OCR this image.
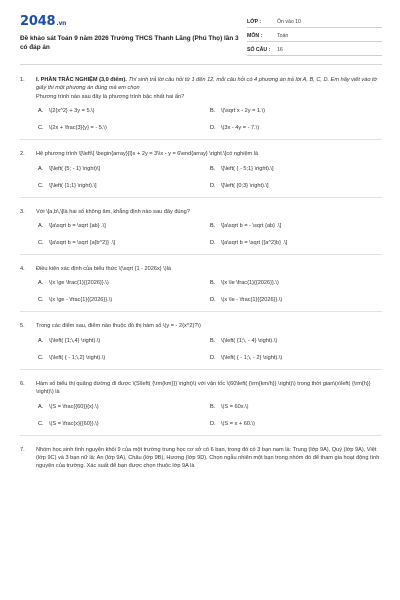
2048.vn
Đề khảo sát Toán 9 năm 2026 Trường THCS Thanh Lãng (Phú Thọ) lần 3 có đáp án
LỚP :	Ôn vào 10
MÔN :	Toán
SỐ CÂU :	16
1.	I. PHẦN TRẮC NGHIỆM (3,0 điểm). Thí sinh trả lời câu hỏi từ 1 đến 12, mỗi câu hỏi có 4 phương án trả lời A, B, C, D. Em hãy viết vào tờ giấy thi một phương án đúng mà em chọn
Phương trình nào sau đây là phương trình bậc nhất hai ẩn?
A.	\(2{x^2} + 3y = 5.\)	B.	\(\sqrt x - 2y = 1.\)
C. \(2x + \frac{3}{y} = - 5.\)	D. \(3x - 4y = - 7.\)
2.	Hệ phương trình \[\left\{ \begin{array}{l}x + 2y = 3\\x - y = 6\end{array} \right.\]có nghiệm là
A.	\[\left( {5; - 1} \right)\]	B.	\[\left( { - 5;1} \right).\]
C. \[\left( {1;1} \right).\]	D. \[\left( {0;3} \right).\]
3.	Với \[a,b\,\]là hai số không âm, khẳng định nào sau đây đúng?
A.	\[a\sqrt b = \sqrt {ab} .\]	B.	\[a\sqrt b = - \sqrt {ab} .\]
C. \[a\sqrt b = \sqrt {a{b^2}} .\]	D. \[a\sqrt b = \sqrt {{a^2}b} .\]
4.	Điều kiện xác định của biểu thức \(\sqrt {1 - 2026x} \)là
A.	\(x \ge \frac{1}{{2026}}.\)	B.	\(x \le \frac{1}{{2026}}.\)
C. \(x \ge - \frac{1}{{2026}}.\)	D. \(x \le - \frac{1}{{2026}}.\)
5.	Trong các điểm sau, điểm nào thuộc đồ thị hàm số \(y = - 2{x^2}?\)
A.	\(\left( {1;\,4} \right).\)	B.	\(\left( {1;\, - 4} \right).\)
C. \(\left( { - 1;\,2} \right).\)	D. \(\left( { - 1;\, - 2} \right).\)
6.	Hàm số biểu thị quãng đường đi được \(S\left( {\rm{km}}} \right)\) với vận tốc \(60\left( {\rm{km/h}} \right)\) trong thời gian\(x\left( {\rm{h}} \right)\) là
A.	\(S = \frac{{60}}{x}.\)	B.	\(S = 60x.\)
C. \(S = \frac{x}{{60}}.\)	D. \(S = x + 60.\)
7.	Nhóm học sinh tình nguyện khối 9 của một trường trung học cơ sở có 6 bạn, trong đó có 3 bạn nam là: Trung (lớp 9A), Quý (lớp 9A), Việt (lớp 9C) và 3 bạn nữ là: An (lớp 9A), Châu (lớp 9B), Hương (lớp 9D). Chọn ngẫu nhiên một bạn trong nhóm đó để tham gia hoạt động tình nguyện của trường. Xác suất để bạn được chọn thuộc lớp 9A là
